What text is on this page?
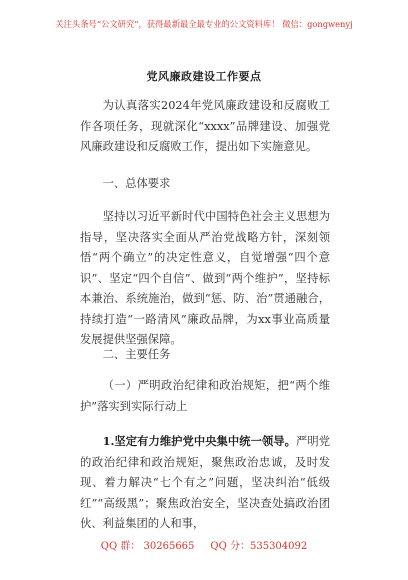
关注头条号“公文研究”，获得最新最全最专业的公文资料库！ 微信：gongwenyj
党风廉政建设工作要点
为认真落实2024年党风廉政建设和反腐败工作各项任务，现就深化“xxxx”品牌建设、加强党风廉政建设和反腐败工作，提出如下实施意见。
一、总体要求
坚持以习近平新时代中国特色社会主义思想为指导，坚决落实全面从严治党战略方针，深刻领悟“两个确立”的决定性意义，自觉增强“四个意识”、坚定“四个自信”、做到“两个维护”，坚持标本兼治、系统施治，做到“惩、防、治”贯通融合，持续打造“一路清风”廉政品牌，为xx事业高质量发展提供坚强保障。
二、主要任务
（一）严明政治纪律和政治规矩，把“两个维护”落实到实际行动上
1.坚定有力维护党中央集中统一领导。严明党的政治纪律和政治规矩，聚焦政治忠诚，及时发现、着力解决“七个有之”问题，坚决纠治“低级红”“高级黑”；聚焦政治安全，坚决查处搞政治团伙、利益集团的人和事，
QQ 群： 30265665 QQ 分：535304092
